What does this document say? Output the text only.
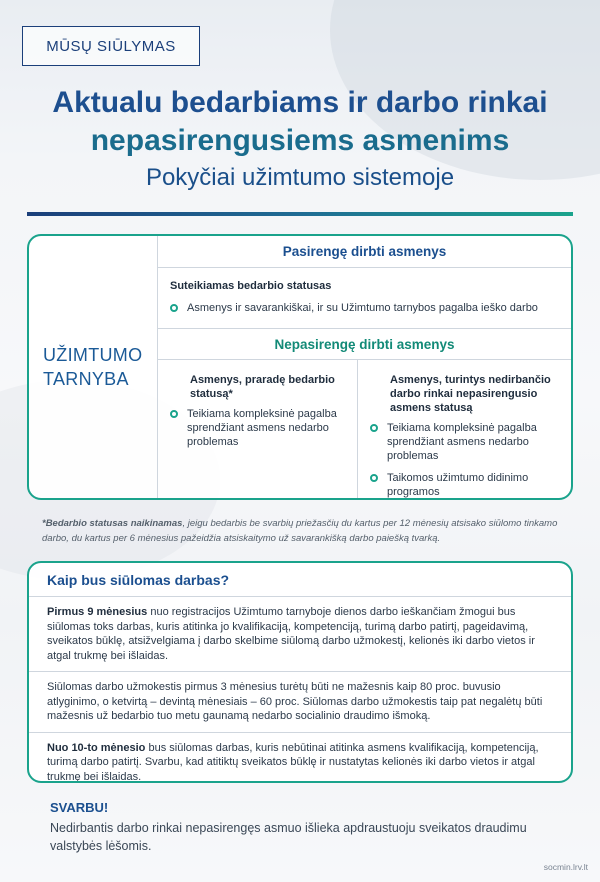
MŪSŲ SIŪLYMAS
Aktualu bedarbiams ir darbo rinkai
nepasirengusiems asmenims
Pokyčiai užimtumo sistemoje
UŽIMTUMO
TARNYBA
Pasirengę dirbti asmenys
Suteikiamas bedarbio statusas
Asmenys ir savarankiškai, ir su Užimtumo tarnybos pagalba ieško darbo
Nepasirengę dirbti asmenys
Asmenys, praradę bedarbio statusą*
Teikiama kompleksinė pagalba sprendžiant asmens nedarbo problemas
Asmenys, turintys nedirbančio darbo rinkai nepasirengusio asmens statusą
Teikiama kompleksinė pagalba sprendžiant asmens nedarbo problemas
Taikomos užimtumo didinimo programos
*Bedarbio statusas naikinamas, jeigu bedarbis be svarbių priežasčių du kartus per 12 mėnesių atsisako siūlomo tinkamo darbo, du kartus per 6 mėnesius pažeidžia atsiskaitymo už savarankišką darbo paiešką tvarką.
Kaip bus siūlomas darbas?
Pirmus 9 mėnesius nuo registracijos Užimtumo tarnyboje dienos darbo ieškančiam žmogui bus siūlomas toks darbas, kuris atitinka jo kvalifikaciją, kompetenciją, turimą darbo patirtį, pageidavimą, sveikatos būklę, atsižvelgiama į darbo skelbime siūlomą darbo užmokestį, kelionės iki darbo vietos ir atgal trukmę bei išlaidas.
Siūlomas darbo užmokestis pirmus 3 mėnesius turėtų būti ne mažesnis kaip 80 proc. buvusio atlyginimo, o ketvirtą – devintą mėnesiais – 60 proc. Siūlomas darbo užmokestis taip pat negalėtų būti mažesnis už bedarbio tuo metu gaunamą nedarbo socialinio draudimo išmoką.
Nuo 10-to mėnesio bus siūlomas darbas, kuris nebūtinai atitinka asmens kvalifikaciją, kompetenciją, turimą darbo patirtį. Svarbu, kad atitiktų sveikatos būklę ir nustatytas kelionės iki darbo vietos ir atgal trukmę bei išlaidas.
SVARBU!
Nedirbantis darbo rinkai nepasirengęs asmuo išlieka apdraustuoju sveikatos draudimu valstybės lėšomis.
socmin.lrv.lt
